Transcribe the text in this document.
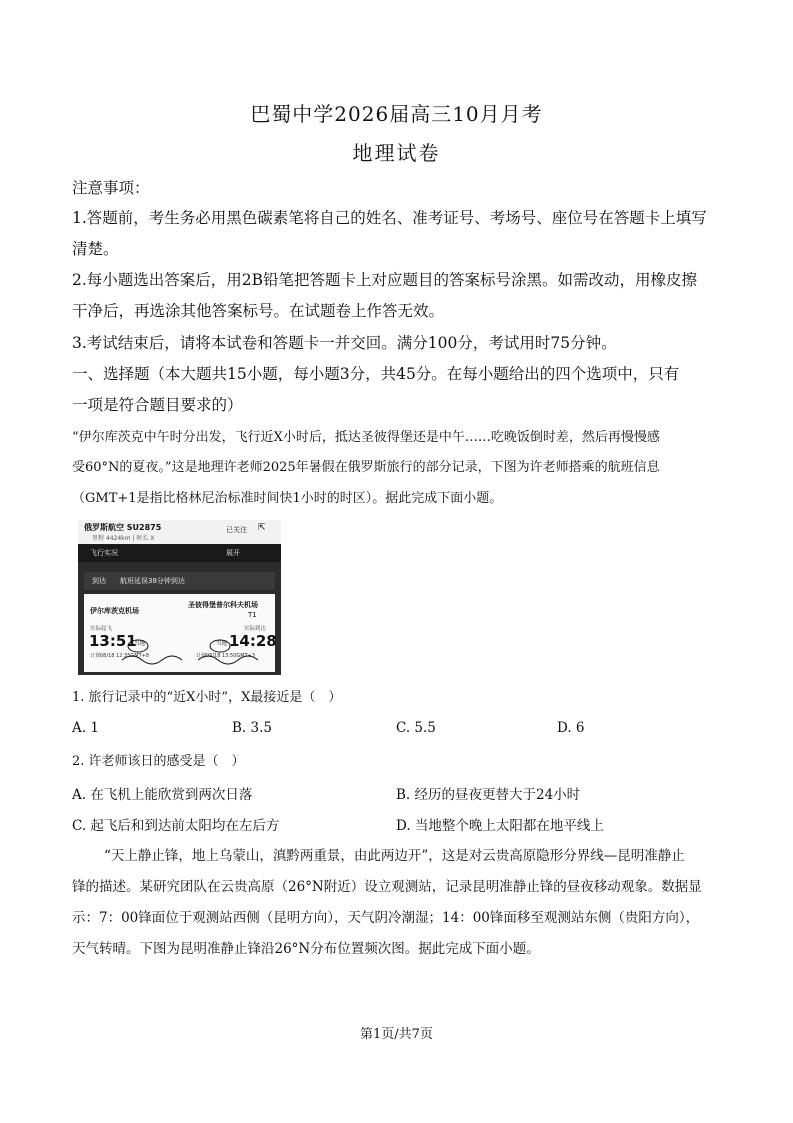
巴蜀中学2026届高三10月月考
地理试卷
注意事项：
1.答题前，考生务必用黑色碳素笔将自己的姓名、准考证号、考场号、座位号在答题卡上填写
清楚。
2.每小题选出答案后，用2B铅笔把答题卡上对应题目的答案标号涂黑。如需改动，用橡皮擦
干净后，再选涂其他答案标号。在试题卷上作答无效。
3.考试结束后，请将本试卷和答题卡一并交回。满分100分，考试用时75分钟。
一、选择题（本大题共15小题，每小题3分，共45分。在每小题给出的四个选项中，只有
一项是符合题目要求的）
“伊尔库茨克中午时分出发，飞行近X小时后，抵达圣彼得堡还是中午……吃晚饭倒时差，然后再慢慢感
受60°N的夏夜。”这是地理许老师2025年暑假在俄罗斯旅行的部分记录，下图为许老师搭乘的航班信息
（GMT+1是指比格林尼治标准时间快1小时的时区）。据此完成下面小题。
俄罗斯航空 SU2875
里程 4424km | 时长 X
已关注 ⇱
飞行实况	展开
到达 航班延误38分钟到达
伊尔库茨克机场
圣彼得堡普尔科夫机场
T1
实际起飞	实际到达
13:51	14:28
当地	当地
计划08/18 12:35GMT+8	计划08/18 13:50GMT+3
1. 旅行记录中的“近X小时”，X最接近是（　）
A. 1	B. 3.5	C. 5.5	D. 6
2. 许老师该日的感受是（　）
A. 在飞机上能欣赏到两次日落	B. 经历的昼夜更替大于24小时
C. 起飞后和到达前太阳均在左后方	D. 当地整个晚上太阳都在地平线上
“天上静止锋，地上乌蒙山，滇黔两重景，由此两边开”，这是对云贵高原隐形分界线—昆明准静止
锋的描述。某研究团队在云贵高原（26°N附近）设立观测站，记录昆明准静止锋的昼夜移动观象。数据显
示：7：00锋面位于观测站西侧（昆明方向），天气阴冷潮湿；14：00锋面移至观测站东侧（贵阳方向），
天气转晴。下图为昆明准静止锋沿26°N分布位置频次图。据此完成下面小题。
第1页/共7页
